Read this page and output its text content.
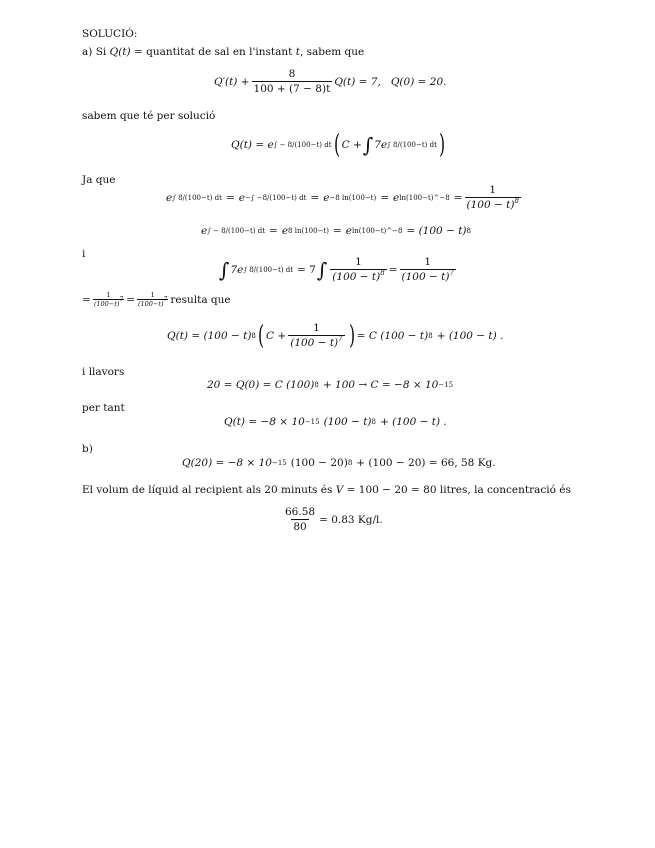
SOLUCIÓ:
a) Si Q(t) = quantitat de sal en l'instant t, sabem que
$Q'(t) + \frac{8}{100 + (7 - 8)t} Q(t) = 7$, Q(0) = 20.
sabem que té per solució
Q(t) = e ∫ − 8/(100−t) dt ( C + ∫ 7e ∫ 8/(100−t) dt )
Ja que
e ∫ 8/(100−t) dt = e −∫ −8/(100−t) dt = e −8 ln(100−t) = e ln(100−t)^−8 = $\frac{1}{(100 - t)^8}$
e ∫ − 8/(100−t) dt = e 8 ln(100−t) = e ln(100−t)^−8 = (100 − t) 8
i
∫ 7e ∫ 8/(100−t) dt = 7 ∫ $\frac{1}{(100 - t)^8} = \frac{1}{(100 - t)^7}$
= $\frac{1}{(100-t)7} = \frac{1}{(100-t)7}$ resulta que
Q(t) = (100 − t) 8 ( $C + \frac{1}{(100 - t)^7}$ ) = C (100 − t) 8 + (100 − t) .
i llavors
20 = Q(0) = C (100) 8 + 100 → C = −8 × 10 −15
per tant
Q(t) = −8 × 10 −15 (100 − t) 8 + (100 − t) .
b)
Q(20) = −8 × 10 −15 (100 − 20) 8 + (100 − 20) = 66, 58 Kg.
El volum de líquid al recipient als 20 minuts és V = 100 − 20 = 80 litres, la concentració és
$\frac{66.58}{80} = 0.83$ Kg/l.
